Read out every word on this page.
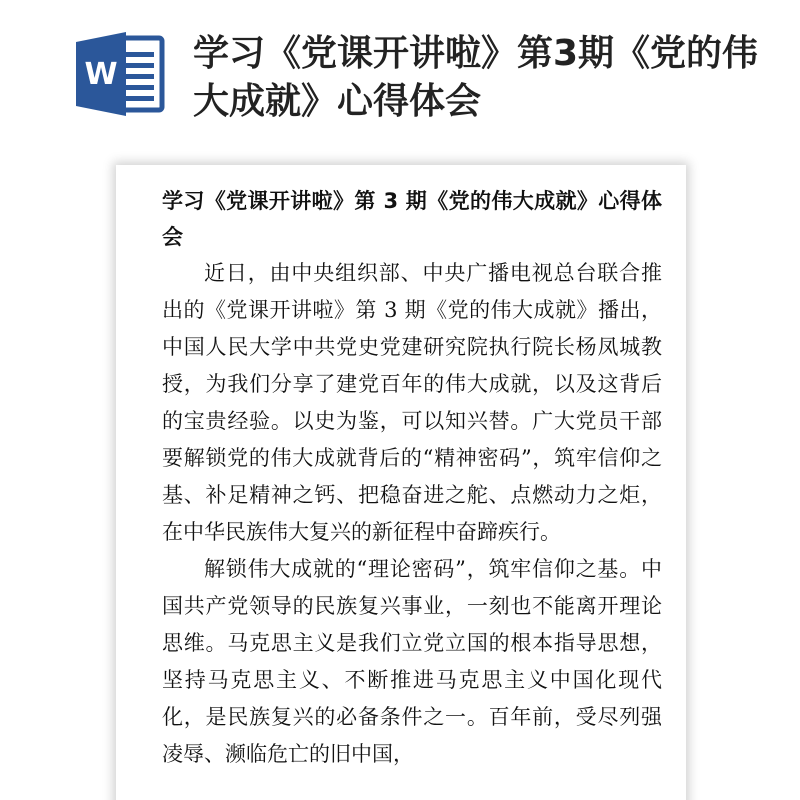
W
学习《党课开讲啦》第3期《党的伟大成就》心得体会

学习《党课开讲啦》第 3 期《党的伟大成就》心得体会

近日，由中央组织部、中央广播电视总台联合推出的《党课开讲啦》第 3 期《党的伟大成就》播出，中国人民大学中共党史党建研究院执行院长杨凤城教授，为我们分享了建党百年的伟大成就，以及这背后的宝贵经验。以史为鉴，可以知兴替。广大党员干部要解锁党的伟大成就背后的“精神密码”，筑牢信仰之基、补足精神之钙、把稳奋进之舵、点燃动力之炬，在中华民族伟大复兴的新征程中奋蹄疾行。

解锁伟大成就的“理论密码”，筑牢信仰之基。中国共产党领导的民族复兴事业，一刻也不能离开理论思维。马克思主义是我们立党立国的根本指导思想，坚持马克思主义、不断推进马克思主义中国化现代化，是民族复兴的必备条件之一。百年前，受尽列强凌辱、濒临危亡的旧中国，
